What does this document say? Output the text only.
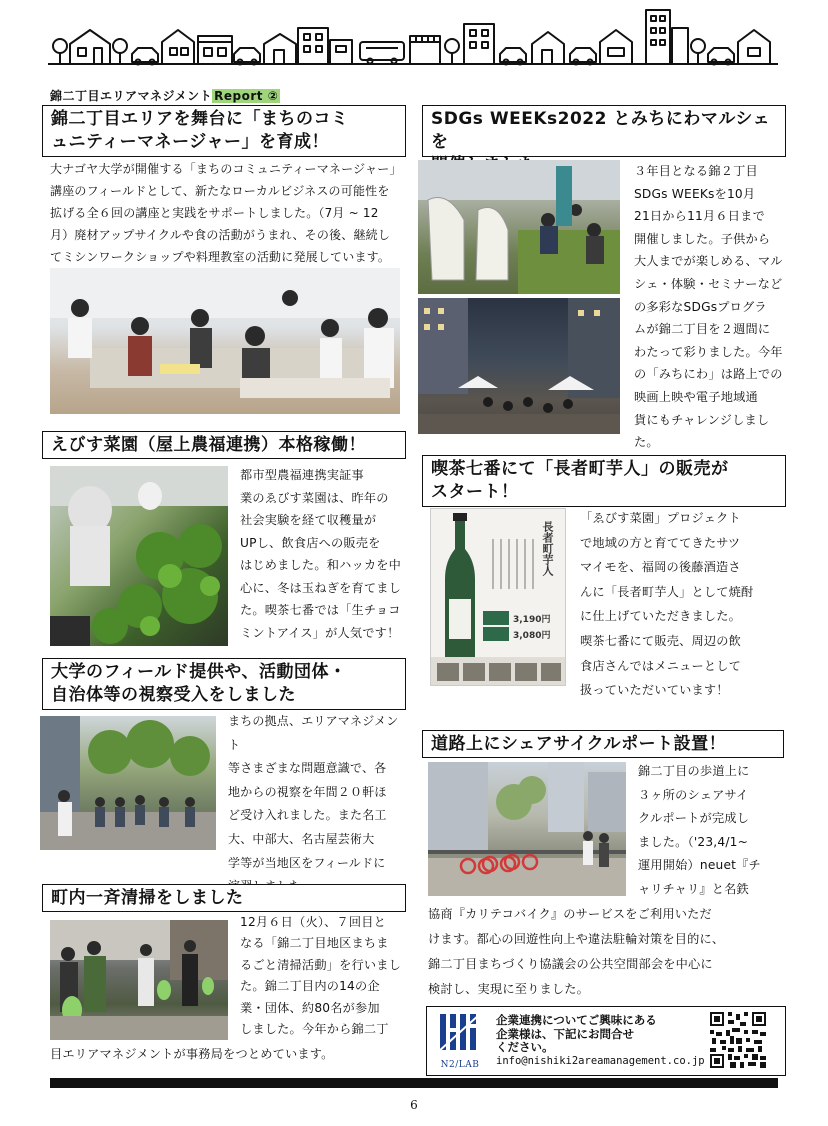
錦二丁目エリアマネジメント Report ②
錦二丁目エリアを舞台に「まちのコミ
ュニティーマネージャー」を育成！
大ナゴヤ大学が開催する「まちのコミュニティーマネージャー」
講座のフィールドとして、新たなローカルビジネスの可能性を
拡げる全６回の講座と実践をサポートしました。（7月 ~ 12
月）廃材アップサイクルや食の活動がうまれ、その後、継続し
てミシンワークショップや料理教室の活動に発展しています。
SDGs WEEKs2022 とみちにわマルシェを
３年目となる錦２丁目
SDGs WEEKsを10月
21日から11月６日まで
開催しました。子供から
大人までが楽しめる、マル
シェ・体験・セミナーなど
の多彩なSDGsプログラ
ムが錦二丁目を２週間に
わたって彩りました。今年
の「みちにわ」は路上での
映画上映や電子地域通
貨にもチャレンジしました。
えびす菜園（屋上農福連携）本格稼働！
都市型農福連携実証事
業のゑびす菜園は、昨年の
社会実験を経て収穫量が
UPし、飲食店への販売を
はじめました。和ハッカを中
心に、冬は玉ねぎを育てまし
た。喫茶七番では「生チョコ
ミントアイス」が人気です！
喫茶七番にて「長者町芋人」の販売が
スタート！
長者町芋人
3,190円
3,080円
「ゑびす菜園」プロジェクト
で地域の方と育ててきたサツ
マイモを、福岡の後藤酒造さ
んに「長者町芋人」として焼酎
に仕上げていただきました。
喫茶七番にて販売、周辺の飲
食店さんではメニューとして
扱っていただいています！
大学のフィールド提供や、活動団体・
自治体等の視察受入をしました
まちの拠点、エリアマネジメント
等さまざまな問題意識で、各
地からの視察を年間２０軒ほ
ど受け入れました。また名工
大、中部大、名古屋芸術大
学等が当地区をフィールドに
道路上にシェアサイクルポート設置！
錦二丁目の歩道上に
３ヶ所のシェアサイ
クルポートが完成し
ました。（'23,4/1~
運用開始）neuet『チ
ャリチャリ』と名鉄
協商『カリテコバイク』のサービスをご利用いただ
けます。都心の回遊性向上や違法駐輪対策を目的に、
錦二丁目まちづくり協議会の公共空間部会を中心に
検討し、実現に至りました。
町内一斉清掃をしました
12月６日（火）、７回目と
なる「錦二丁目地区まちま
るごと清掃活動」を行いまし
た。錦二丁目内の14の企
業・団体、約80名が参加
しました。今年から錦二丁
目エリアマネジメントが事務局をつとめています。
N2/LAB
企業連携についてご興味にある
企業様は、下記にお問合せ
ください。
info@nishiki2areamanagement.co.jp
6
